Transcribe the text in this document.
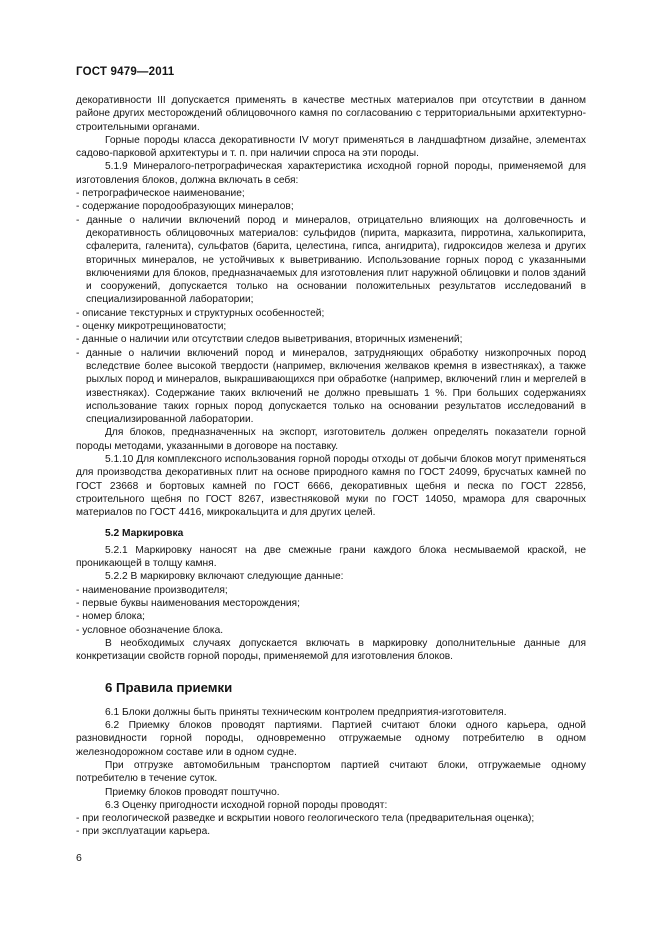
ГОСТ 9479—2011

декоративности III допускается применять в качестве местных материалов при отсутствии в данном районе других месторождений облицовочного камня по согласованию с территориальными архитектурно-строительными органами.

Горные породы класса декоративности IV могут применяться в ландшафтном дизайне, элементах садово-парковой архитектуры и т. п. при наличии спроса на эти породы.

5.1.9 Минералого-петрографическая характеристика исходной горной породы, применяемой для изготовления блоков, должна включать в себя:

- петрографическое наименование;

- содержание породообразующих минералов;

- данные о наличии включений пород и минералов, отрицательно влияющих на долговечность и декоративность облицовочных материалов: сульфидов (пирита, марказита, пирротина, халькопирита, сфалерита, галенита), сульфатов (барита, целестина, гипса, ангидрита), гидроксидов железа и других вторичных минералов, не устойчивых к выветриванию. Использование горных пород с указанными включениями для блоков, предназначаемых для изготовления плит наружной облицовки и полов зданий и сооружений, допускается только на основании положительных результатов исследований в специализированной лаборатории;

- описание текстурных и структурных особенностей;

- оценку микротрещиноватости;

- данные о наличии или отсутствии следов выветривания, вторичных изменений;

- данные о наличии включений пород и минералов, затрудняющих обработку низкопрочных пород вследствие более высокой твердости (например, включения желваков кремня в известняках), а также рыхлых пород и минералов, выкрашивающихся при обработке (например, включений глин и мергелей в известняках). Содержание таких включений не должно превышать 1 %. При больших содержаниях использование таких горных пород допускается только на основании результатов исследований в специализированной лаборатории.

Для блоков, предназначенных на экспорт, изготовитель должен определять показатели горной породы методами, указанными в договоре на поставку.

5.1.10 Для комплексного использования горной породы отходы от добычи блоков могут применяться для производства декоративных плит на основе природного камня по ГОСТ 24099, брусчатых камней по ГОСТ 23668 и бортовых камней по ГОСТ 6666, декоративных щебня и песка по ГОСТ 22856, строительного щебня по ГОСТ 8267, известняковой муки по ГОСТ 14050, мрамора для сварочных материалов по ГОСТ 4416, микрокальцита и для других целей.

5.2 Маркировка

5.2.1 Маркировку наносят на две смежные грани каждого блока несмываемой краской, не проникающей в толщу камня.

5.2.2 В маркировку включают следующие данные:

- наименование производителя;

- первые буквы наименования месторождения;

- номер блока;

- условное обозначение блока.

В необходимых случаях допускается включать в маркировку дополнительные данные для конкретизации свойств горной породы, применяемой для изготовления блоков.

6 Правила приемки

6.1 Блоки должны быть приняты техническим контролем предприятия-изготовителя.

6.2 Приемку блоков проводят партиями. Партией считают блоки одного карьера, одной разновидности горной породы, одновременно отгружаемые одному потребителю в одном железнодорожном составе или в одном судне.

При отгрузке автомобильным транспортом партией считают блоки, отгружаемые одному потребителю в течение суток.

Приемку блоков проводят поштучно.

6.3 Оценку пригодности исходной горной породы проводят:

- при геологической разведке и вскрытии нового геологического тела (предварительная оценка);

- при эксплуатации карьера.

6
